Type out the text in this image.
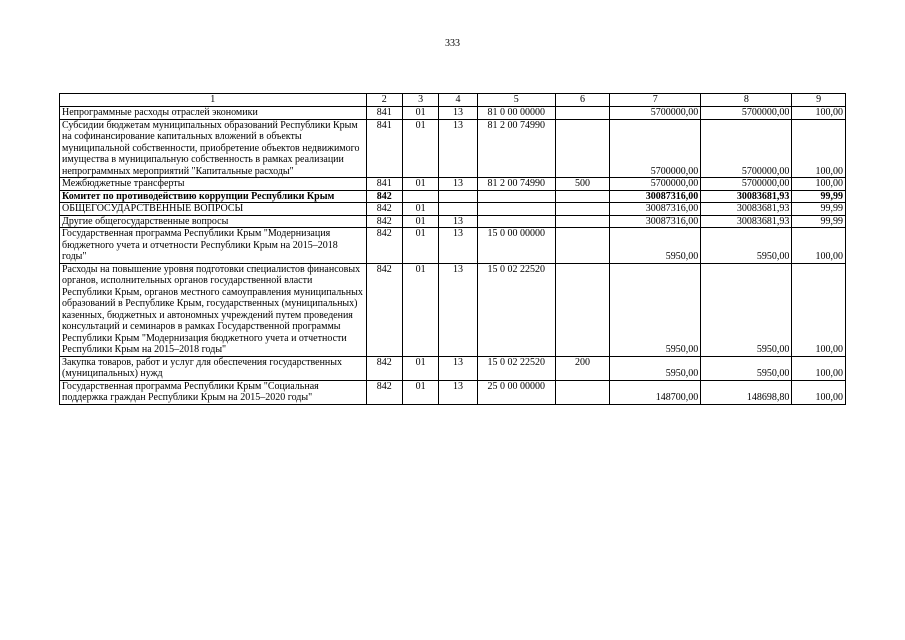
333
1	2	3	4	5	6	7	8	9
Непрограммные расходы отраслей экономики	841	01	13	81 0 00 00000		5700000,00	5700000,00	100,00
Субсидии бюджетам муниципальных образований Республики Крым на софинансирование капитальных вложений в объекты муниципальной собственности, приобретение объектов недвижимого имущества в муниципальную собственность в рамках реализации непрограммных мероприятий "Капитальные расходы"	841	01	13	81 2 00 74990		5700000,00	5700000,00	100,00
Межбюджетные трансферты	841	01	13	81 2 00 74990	500	5700000,00	5700000,00	100,00
Комитет по противодействию коррупции Республики Крым	842					30087316,00	30083681,93	99,99
ОБЩЕГОСУДАРСТВЕННЫЕ ВОПРОСЫ	842	01				30087316,00	30083681,93	99,99
Другие общегосударственные вопросы	842	01	13			30087316,00	30083681,93	99,99
Государственная программа Республики Крым "Модернизация бюджетного учета и отчетности Республики Крым на 2015–2018 годы"	842	01	13	15 0 00 00000		5950,00	5950,00	100,00
Расходы на повышение уровня подготовки специалистов финансовых органов, исполнительных органов государственной власти Республики Крым, органов местного самоуправления муниципальных образований в Республике Крым, государственных (муниципальных) казенных, бюджетных и автономных учреждений путем проведения консультаций и семинаров в рамках Государственной программы Республики Крым "Модернизация бюджетного учета и отчетности Республики Крым на 2015–2018 годы"	842	01	13	15 0 02 22520		5950,00	5950,00	100,00
Закупка товаров, работ и услуг для обеспечения государственных (муниципальных) нужд	842	01	13	15 0 02 22520	200	5950,00	5950,00	100,00
Государственная программа Республики Крым "Социальная поддержка граждан Республики Крым на 2015–2020 годы"	842	01	13	25 0 00 00000		148700,00	148698,80	100,00
